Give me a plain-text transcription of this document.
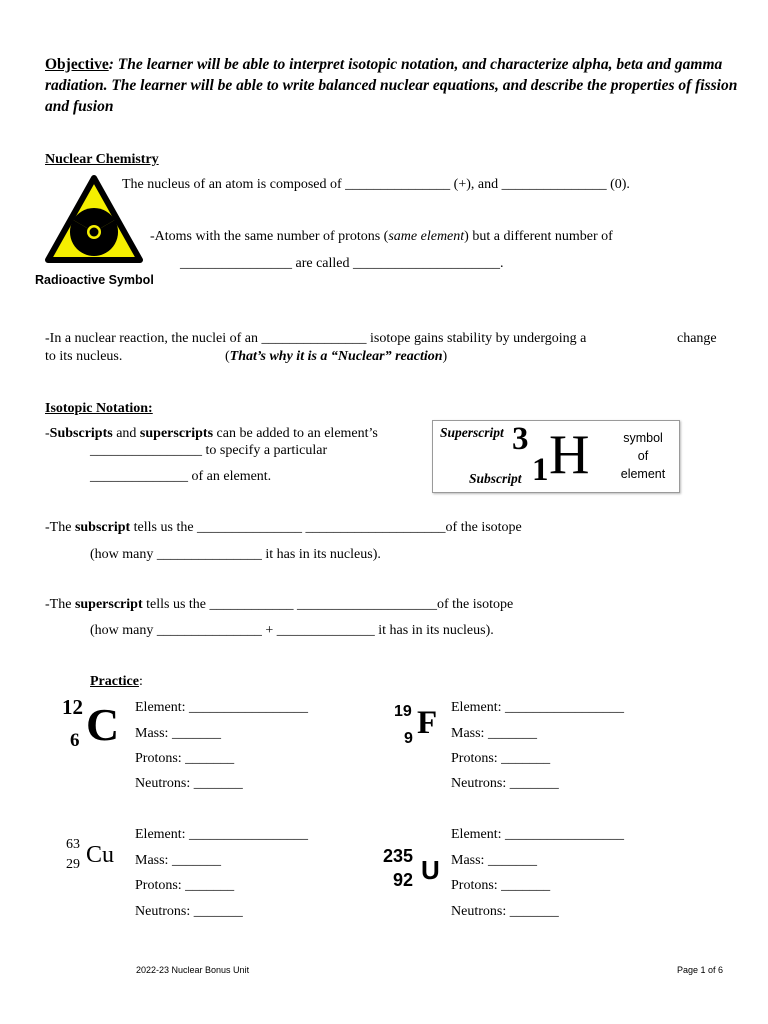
Objective: The learner will be able to interpret isotopic notation, and characterize alpha, beta and gamma radiation. The learner will be able to write balanced nuclear equations, and describe the properties of fission and fusion
Nuclear Chemistry
Radioactive Symbol
The nucleus of an atom is composed of _______________ (+), and _______________ (0).
-Atoms with the same number of protons (same element) but a different number of
________________ are called _____________________.
-In a nuclear reaction, the nuclei of an _______________ isotope gains stability by undergoing a	change
to its nucleus.	(That’s why it is a “Nuclear” reaction)
Isotopic Notation:
-Subscripts and superscripts can be added to an element’s
________________ to specify a particular
______________ of an element.
Superscript
Subscript
3
1 H	symbol
of
element
-The subscript tells us the _______________ ____________________of the isotope
(how many _______________ it has in its nucleus).
-The superscript tells us the ____________ ____________________of the isotope
(how many _______________ + ______________ it has in its nucleus).
Practice:
12
6 C Element: _________________
Mass: _______
Protons: _______
Neutrons: _______
19
9 F Element: _________________
Mass: _______
Protons: _______
Neutrons: _______
63
29 Cu
Element: _________________
Mass: _______
Protons: _______
Neutrons: _______
235
92 U
Element: _________________
Mass: _______
Protons: _______
Neutrons: _______
2022-23 Nuclear Bonus Unit	Page 1 of 6
